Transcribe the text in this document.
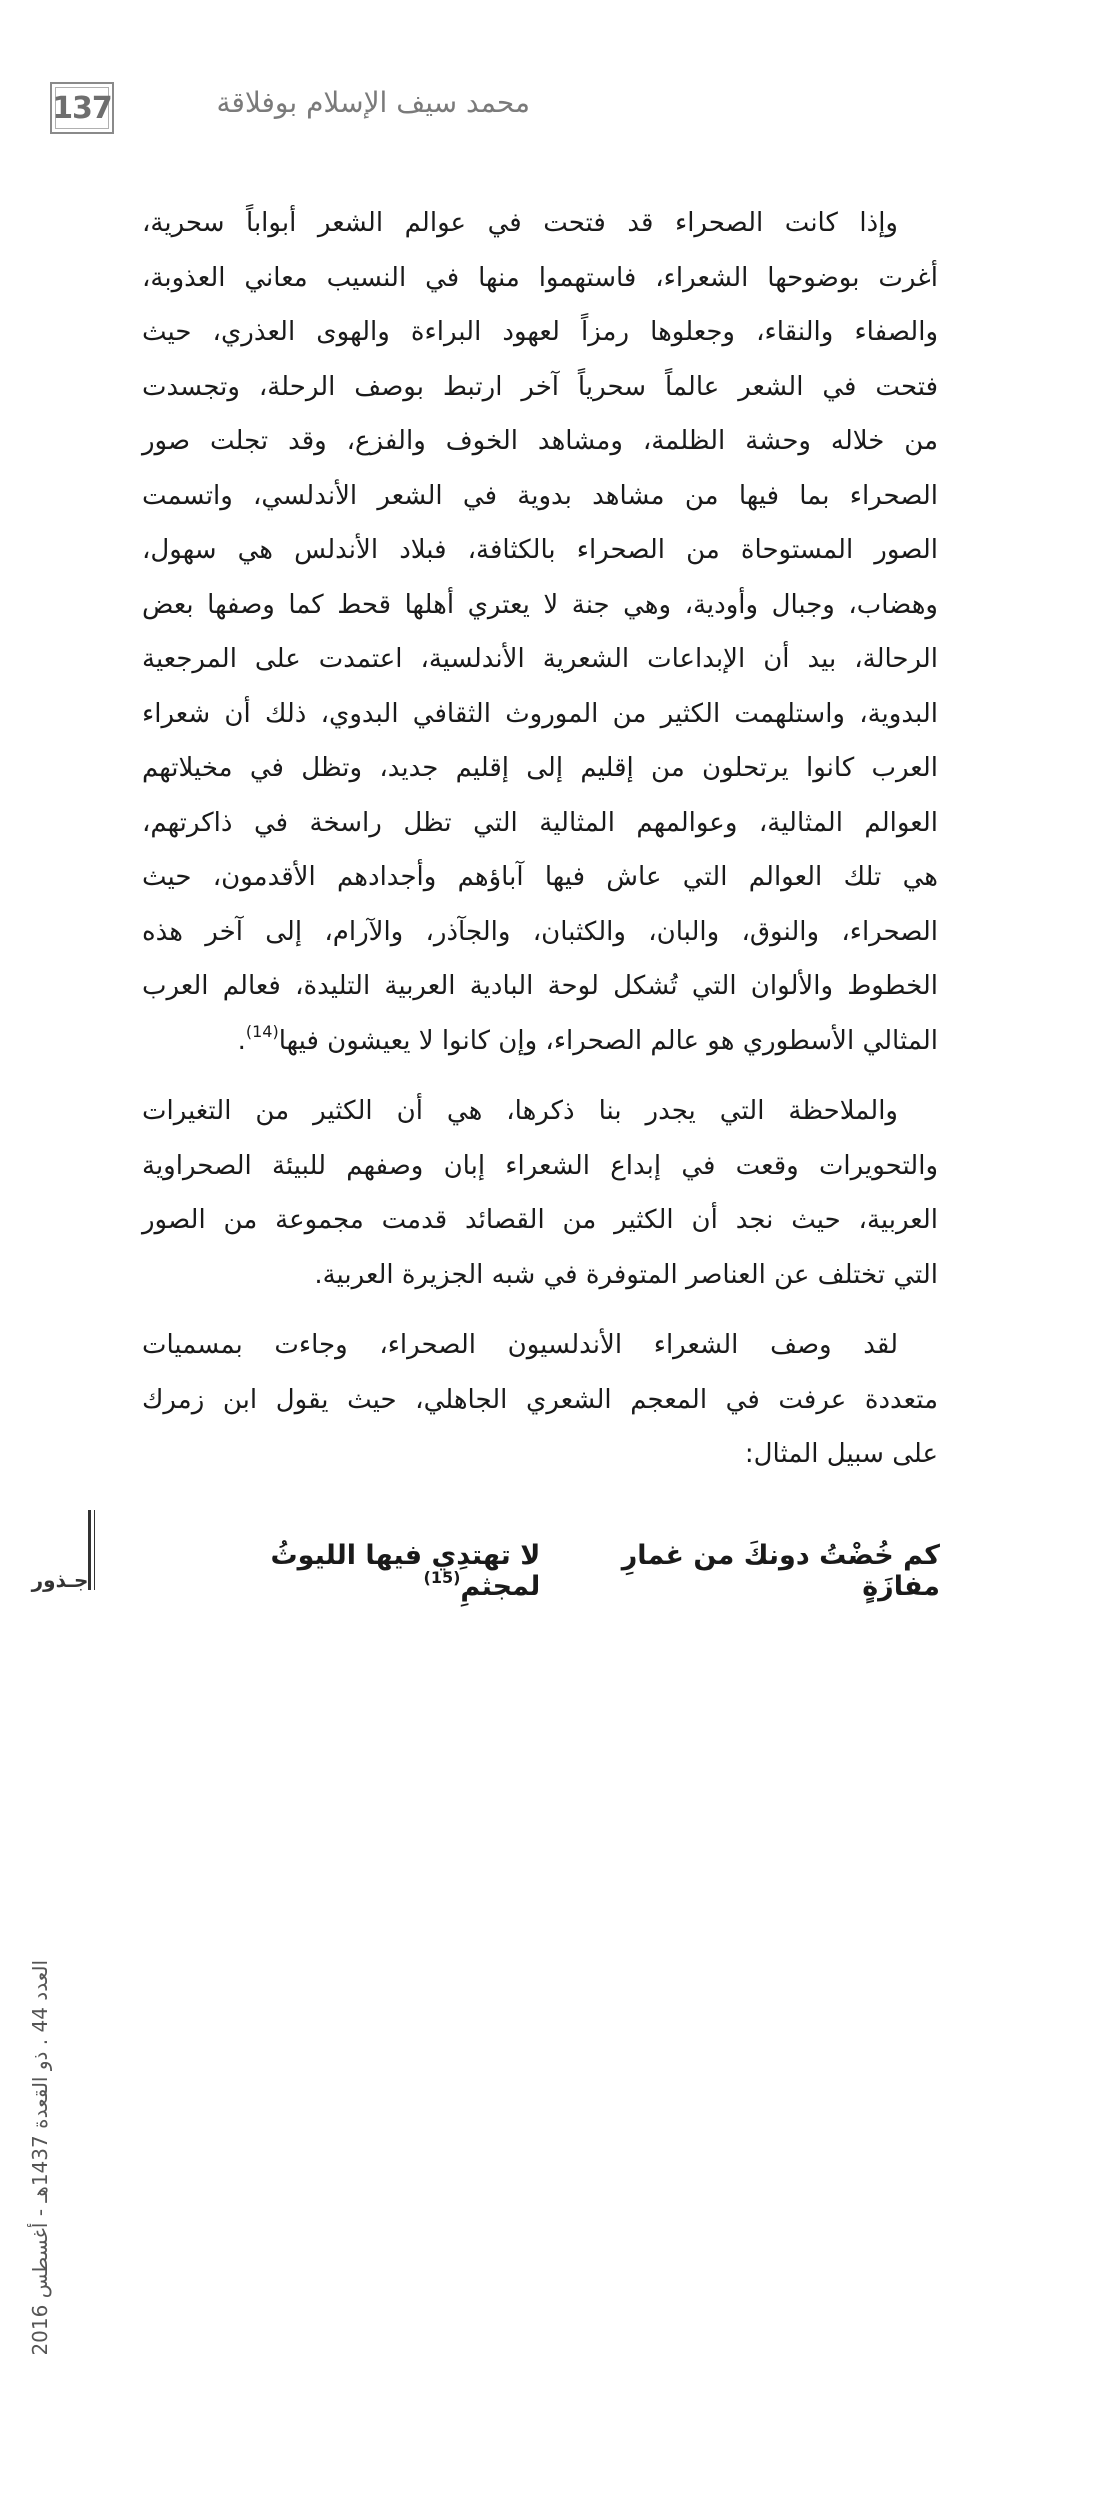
137	محمد سيف الإسلام بوفلاقة

وإذا كانت الصحراء قد فتحت في عوالم الشعر أبواباً سحرية،
أغرت بوضوحها الشعراء، فاستهموا منها في النسيب معاني العذوبة،
والصفاء والنقاء، وجعلوها رمزاً لعهود البراءة والهوى العذري، حيث
فتحت في الشعر عالماً سحرياً آخر ارتبط بوصف الرحلة، وتجسدت
من خلاله وحشة الظلمة، ومشاهد الخوف والفزع، وقد تجلت صور
الصحراء بما فيها من مشاهد بدوية في الشعر الأندلسي، واتسمت
الصور المستوحاة من الصحراء بالكثافة، فبلاد الأندلس هي سهول،
وهضاب، وجبال وأودية، وهي جنة لا يعتري أهلها قحط كما وصفها بعض
الرحالة، بيد أن الإبداعات الشعرية الأندلسية، اعتمدت على المرجعية
البدوية، واستلهمت الكثير من الموروث الثقافي البدوي، ذلك أن شعراء
العرب كانوا يرتحلون من إقليم إلى إقليم جديد، وتظل في مخيلاتهم
العوالم المثالية، وعوالمهم المثالية التي تظل راسخة في ذاكرتهم،
هي تلك العوالم التي عاش فيها آباؤهم وأجدادهم الأقدمون، حيث
الصحراء، والنوق، والبان، والكثبان، والجآذر، والآرام، إلى آخر هذه
الخطوط والألوان التي تُشكل لوحة البادية العربية التليدة، فعالم العرب
المثالي الأسطوري هو عالم الصحراء، وإن كانوا لا يعيشون فيها$^{(14)}$.

والملاحظة التي يجدر بنا ذكرها، هي أن الكثير من التغيرات
والتحويرات وقعت في إبداع الشعراء إبان وصفهم للبيئة الصحراوية
العربية، حيث نجد أن الكثير من القصائد قدمت مجموعة من الصور
التي تختلف عن العناصر المتوفرة في شبه الجزيرة العربية.

لقد وصف الشعراء الأندلسيون الصحراء، وجاءت بمسميات
متعددة عرفت في المعجم الشعري الجاهلي، حيث يقول ابن زمرك
على سبيل المثال:

كم خُضْتُ دونكَ من غمارِ مفازَةٍ
لا تهتدِي فيها الليوثُ لمجثمِ$^{(15)}$
العدد 44 . ذو القعدة 1437هـ - أغسطس 2016
جـذور
